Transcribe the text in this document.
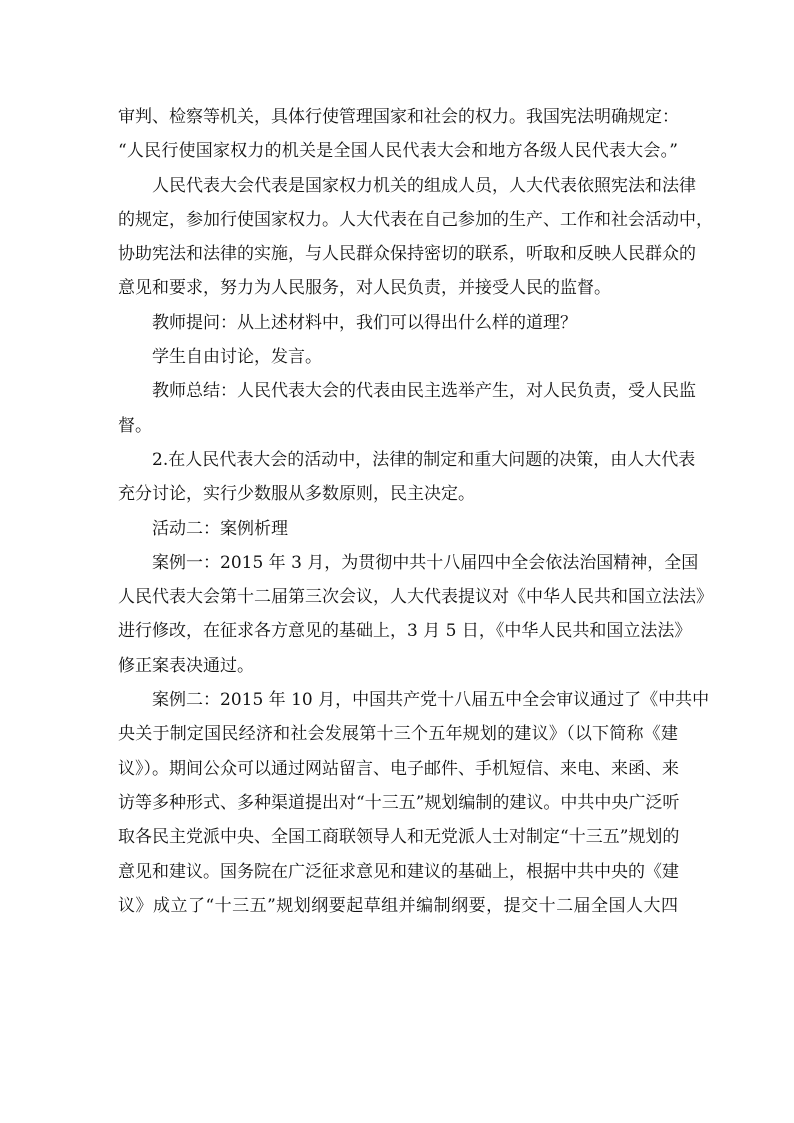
审判、检察等机关，具体行使管理国家和社会的权力。我国宪法明确规定：
“人民行使国家权力的机关是全国人民代表大会和地方各级人民代表大会。”
人民代表大会代表是国家权力机关的组成人员，人大代表依照宪法和法律
的规定，参加行使国家权力。人大代表在自己参加的生产、工作和社会活动中，
协助宪法和法律的实施，与人民群众保持密切的联系，听取和反映人民群众的
意见和要求，努力为人民服务，对人民负责，并接受人民的监督。
教师提问：从上述材料中，我们可以得出什么样的道理？
学生自由讨论，发言。
教师总结：人民代表大会的代表由民主选举产生，对人民负责，受人民监
督。
2.在人民代表大会的活动中，法律的制定和重大问题的决策，由人大代表
充分讨论，实行少数服从多数原则，民主决定。
活动二：案例析理
案例一：2015 年 3 月，为贯彻中共十八届四中全会依法治国精神，全国
人民代表大会第十二届第三次会议，人大代表提议对《中华人民共和国立法法》
进行修改，在征求各方意见的基础上，3 月 5 日，《中华人民共和国立法法》
修正案表决通过。
案例二：2015 年 10 月，中国共产党十八届五中全会审议通过了《中共中
央关于制定国民经济和社会发展第十三个五年规划的建议》（以下简称《建
议》）。期间公众可以通过网站留言、电子邮件、手机短信、来电、来函、来
访等多种形式、多种渠道提出对“十三五”规划编制的建议。中共中央广泛听
取各民主党派中央、全国工商联领导人和无党派人士对制定“十三五”规划的
意见和建议。国务院在广泛征求意见和建议的基础上，根据中共中央的《建
议》成立了“十三五”规划纲要起草组并编制纲要，提交十二届全国人大四
